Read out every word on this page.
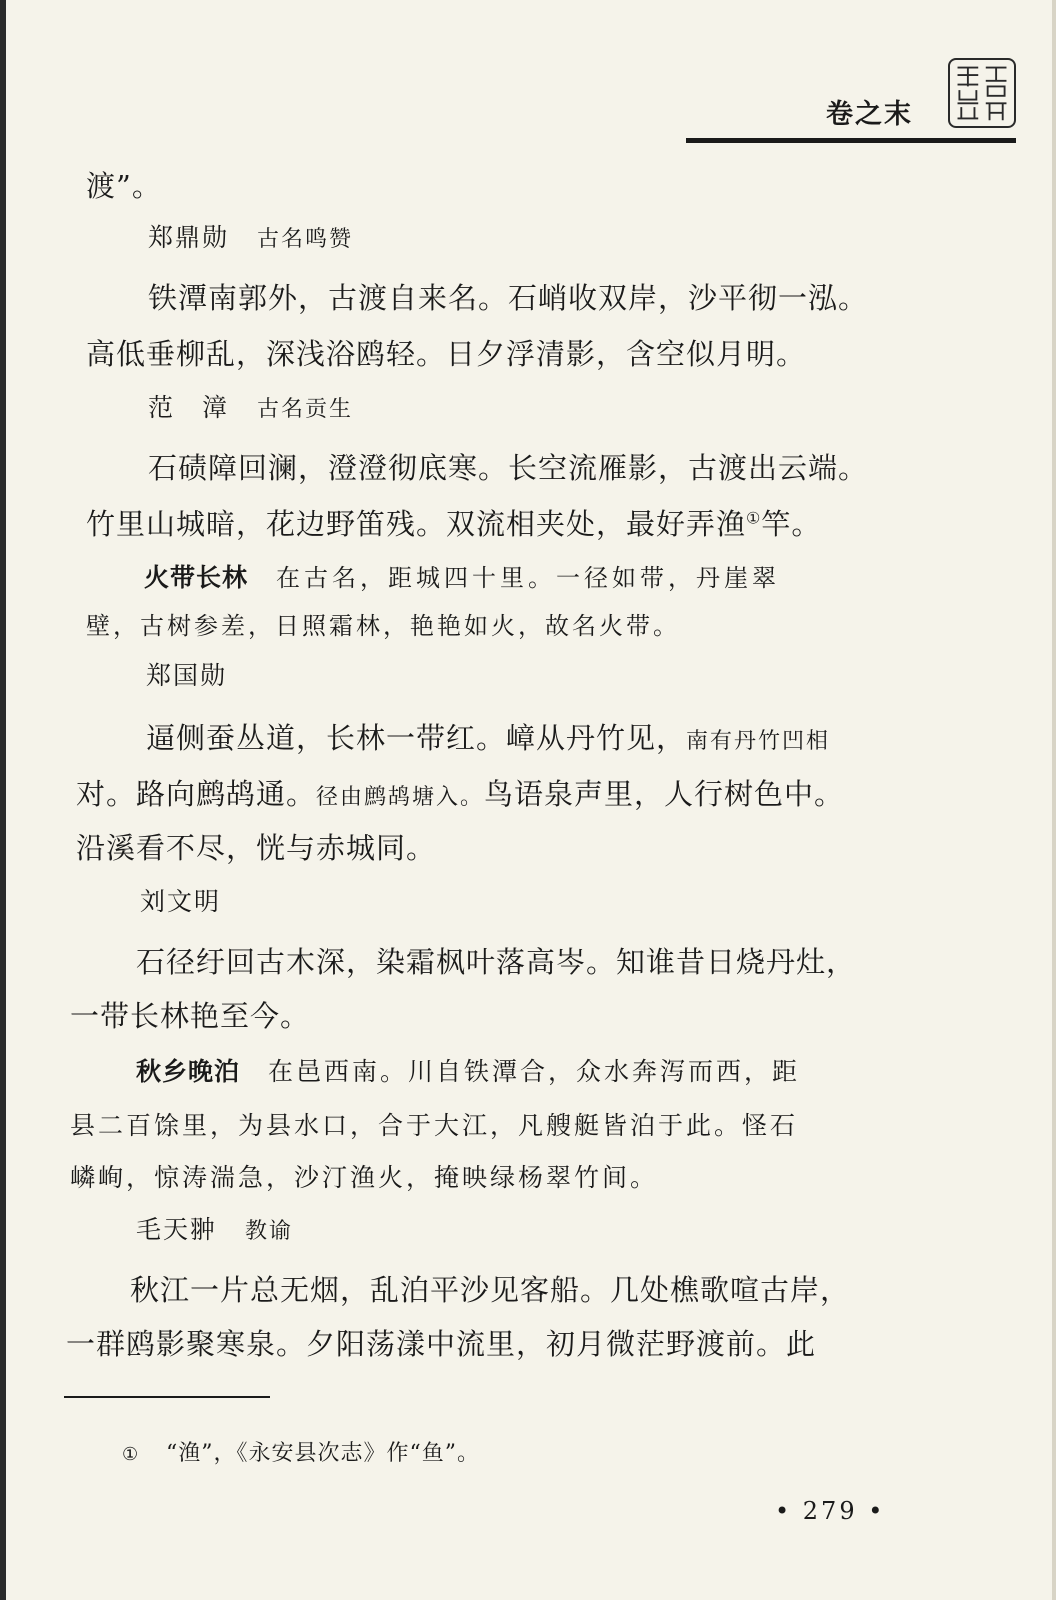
卷之末
渡”。
郑鼎勋 古名鸣赞
铁潭南郭外，古渡自来名。石峭收双岸，沙平彻一泓。
高低垂柳乱，深浅浴鸥轻。日夕浮清影，含空似月明。
范　漳 古名贡生
石碛障回澜，澄澄彻底寒。长空流雁影，古渡出云端。
竹里山城暗，花边野笛残。双流相夹处，最好弄渔①竿。
火带长林 在古名，距城四十里。一径如带，丹崖翠
壁，古树参差，日照霜林，艳艳如火，故名火带。
郑国勋
逼侧蚕丛道，长林一带红。嶂从丹竹见，南有丹竹凹相
对。路向鹧鸪通。径由鹧鸪塘入。鸟语泉声里，人行树色中。
沿溪看不尽，恍与赤城同。
刘文明
石径纡回古木深，染霜枫叶落高岑。知谁昔日烧丹灶，
一带长林艳至今。
秋乡晚泊 在邑西南。川自铁潭合，众水奔泻而西，距
县二百馀里，为县水口，合于大江，凡艘艇皆泊于此。怪石
嶙峋，惊涛湍急，沙汀渔火，掩映绿杨翠竹间。
毛天翀 教谕
秋江一片总无烟，乱泊平沙见客船。几处樵歌喧古岸，
一群鸥影聚寒泉。夕阳荡漾中流里，初月微茫野渡前。此
① “渔”，《永安县次志》作“鱼”。
• 279 •
